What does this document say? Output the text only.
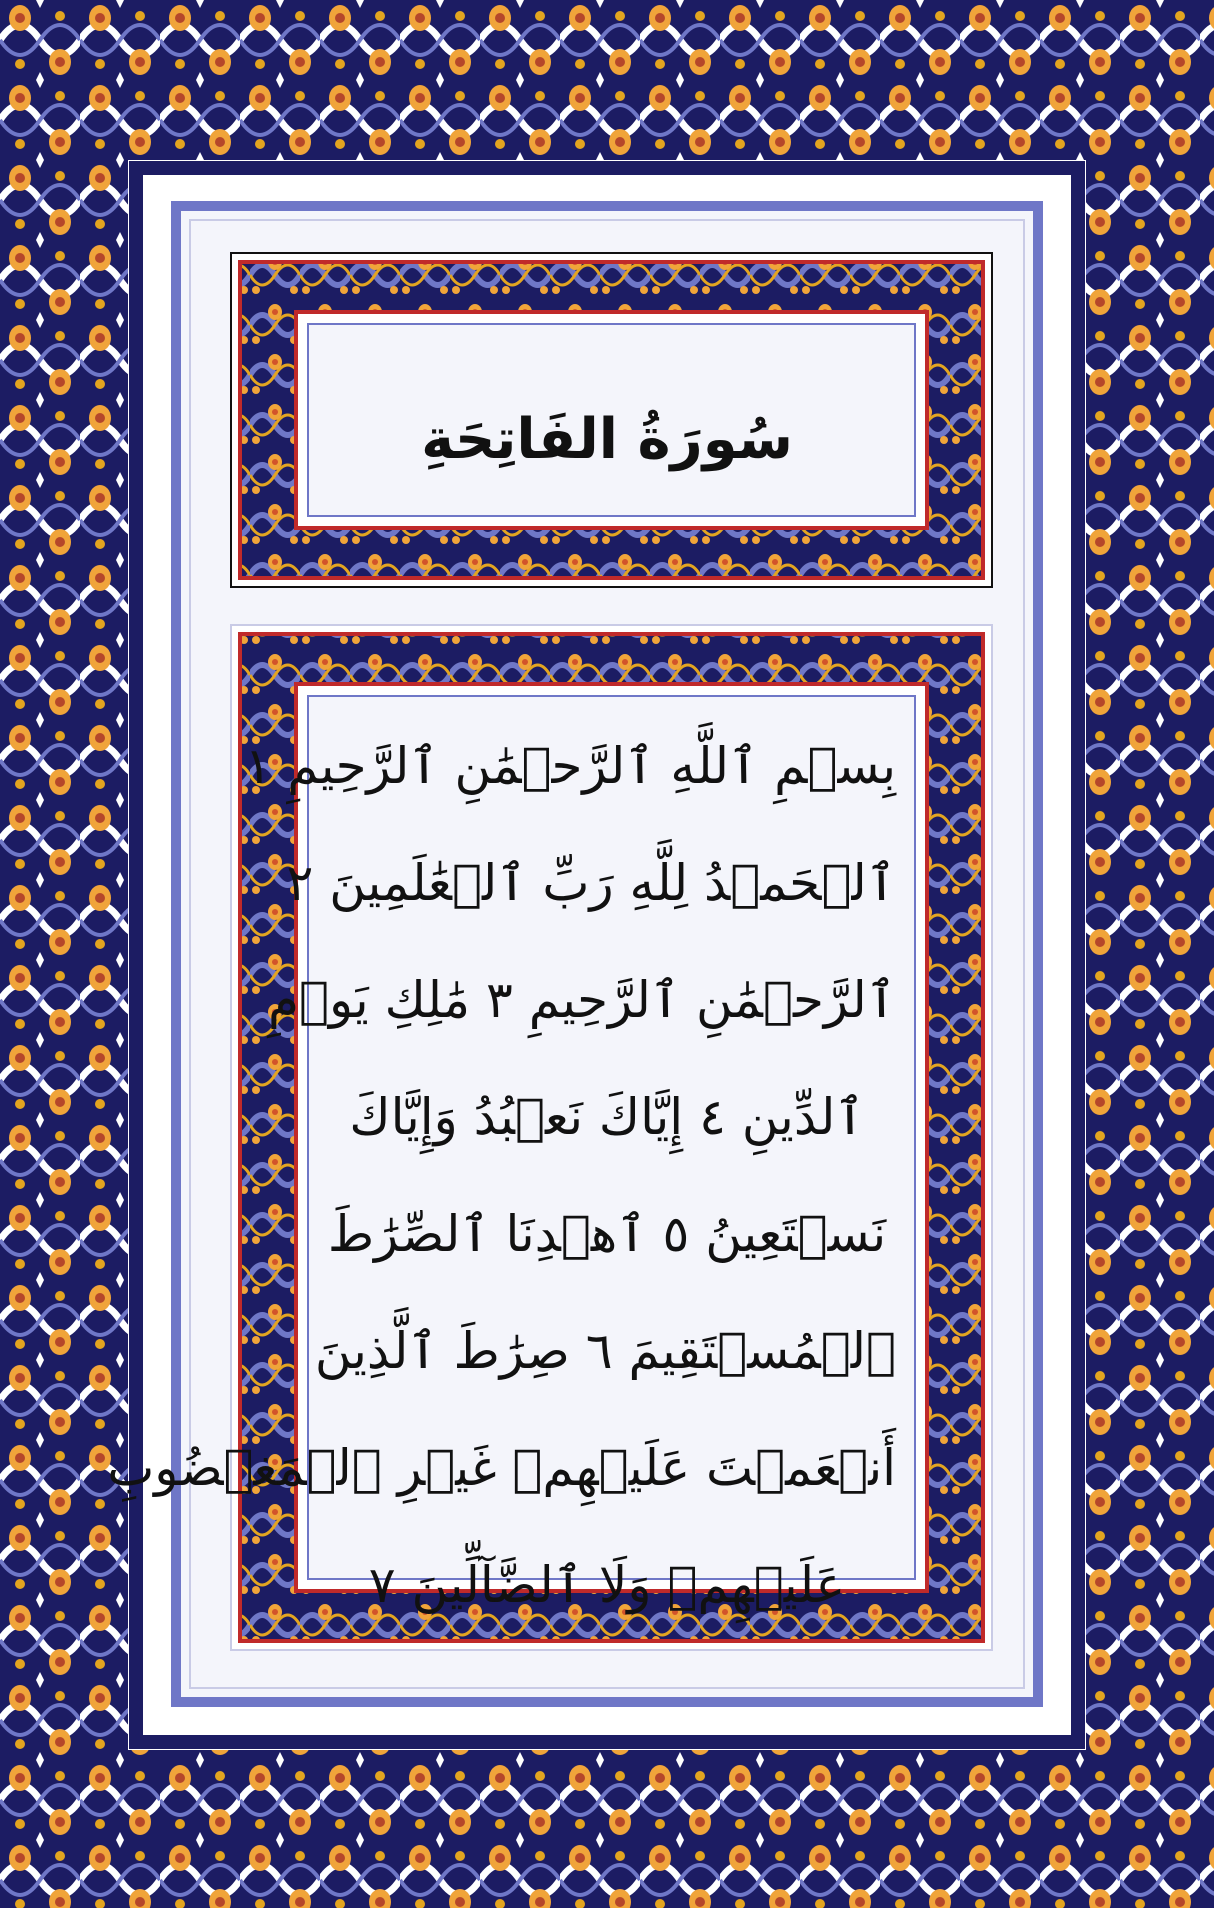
سُورَةُ الفَاتِحَةِ
بِسۡمِ ٱللَّهِ ٱلرَّحۡمَٰنِ ٱلرَّحِيمِ ١
ٱلۡحَمۡدُ لِلَّهِ رَبِّ ٱلۡعَٰلَمِينَ ٢
ٱلرَّحۡمَٰنِ ٱلرَّحِيمِ ٣ مَٰلِكِ يَوۡمِ
ٱلدِّينِ ٤ إِيَّاكَ نَعۡبُدُ وَإِيَّاكَ
نَسۡتَعِينُ ٥ ٱهۡدِنَا ٱلصِّرَٰطَ
ٱلۡمُسۡتَقِيمَ ٦ صِرَٰطَ ٱلَّذِينَ
أَنۡعَمۡتَ عَلَيۡهِمۡ غَيۡرِ ٱلۡمَغۡضُوبِ
عَلَيۡهِمۡ وَلَا ٱلضَّآلِّينَ ٧
